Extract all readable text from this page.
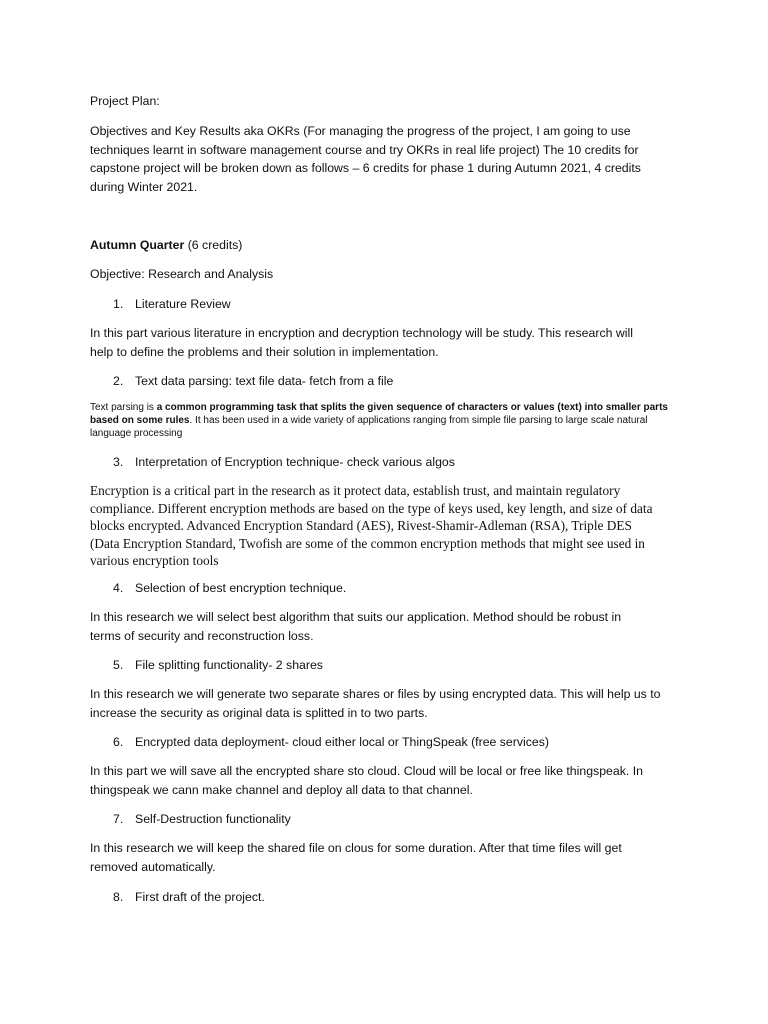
Project Plan:

Objectives and Key Results aka OKRs (For managing the progress of the project, I am going to use
techniques learnt in software management course and try OKRs in real life project) The 10 credits for
capstone project will be broken down as follows – 6 credits for phase 1 during Autumn 2021, 4 credits
during Winter 2021.

Autumn Quarter (6 credits)

Objective: Research and Analysis

1. Literature Review

In this part various literature in encryption and decryption technology will be study. This research will
help to define the problems and their solution in implementation.

2. Text data parsing: text file data- fetch from a file

Text parsing is a common programming task that splits the given sequence of characters or values (text) into smaller parts based on some rules. It has been used in a wide variety of applications ranging from simple file parsing to large scale natural language processing

3. Interpretation of Encryption technique- check various algos

Encryption is a critical part in the research as it protect data, establish trust, and maintain regulatory
compliance. Different encryption methods are based on the type of keys used, key length, and size of data
blocks encrypted. Advanced Encryption Standard (AES), Rivest-Shamir-Adleman (RSA), Triple DES
(Data Encryption Standard, Twofish are some of the common encryption methods that might see used in
various encryption tools

4. Selection of best encryption technique.

In this research we will select best algorithm that suits our application. Method should be robust in
terms of security and reconstruction loss.

5. File splitting functionality- 2 shares

In this research we will generate two separate shares or files by using encrypted data. This will help us to
increase the security as original data is splitted in to two parts.

6. Encrypted data deployment- cloud either local or ThingSpeak (free services)

In this part we will save all the encrypted share sto cloud. Cloud will be local or free like thingspeak. In
thingspeak we cann make channel and deploy all data to that channel.

7. Self-Destruction functionality

In this research we will keep the shared file on clous for some duration. After that time files will get
removed automatically.

8. First draft of the project.
